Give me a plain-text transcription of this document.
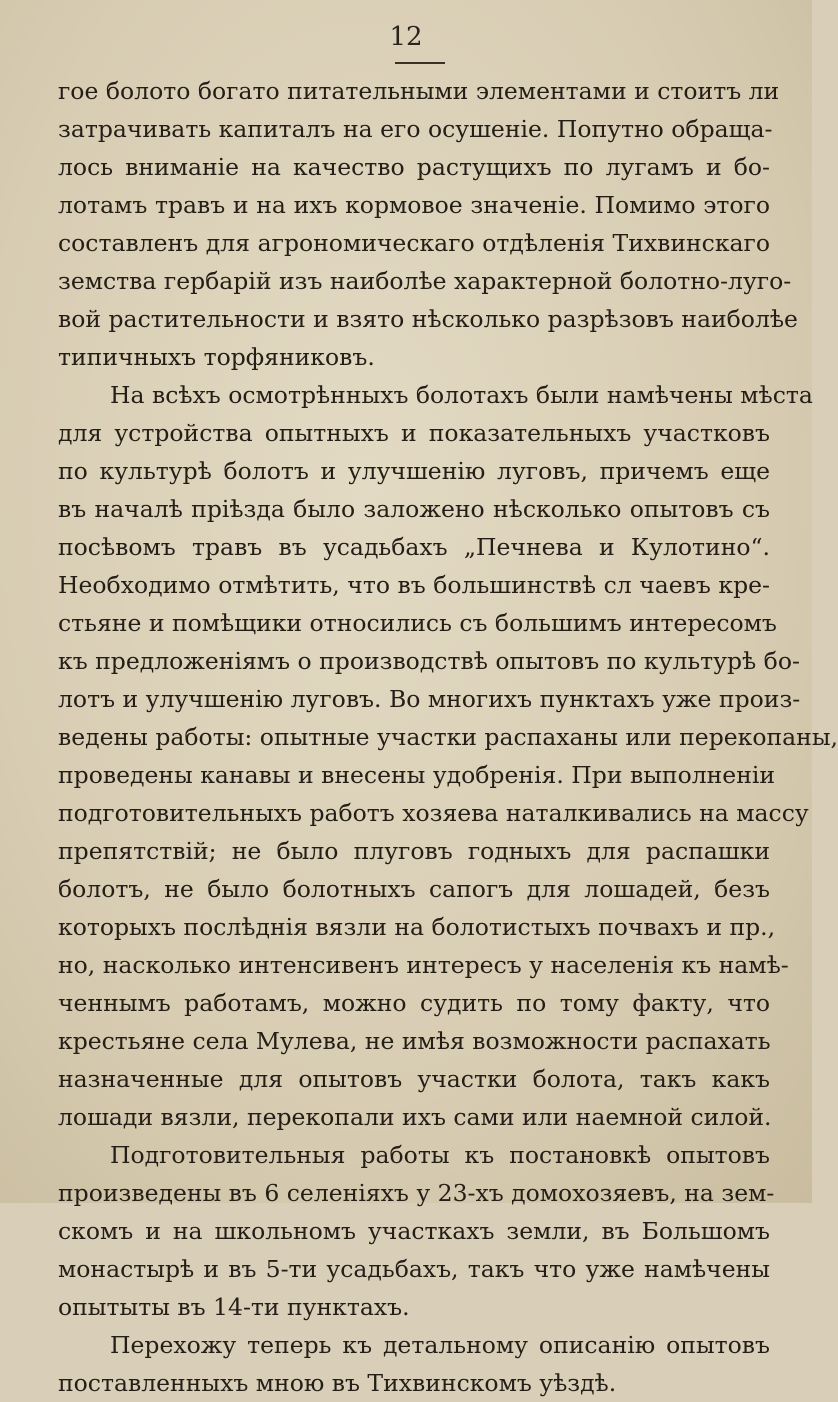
12
гое болото богато питательными элементами и стоитъ ли
затрачивать капиталъ на его осушеніе. Попутно обраща-
лось вниманіе на качество растущихъ по лугамъ и бо-
лотамъ травъ и на ихъ кормовое значеніе. Помимо этого
составленъ для агрономическаго отдѣленія Тихвинскаго
земства гербарій изъ наиболѣе характерной болотно-луго-
вой растительности и взято нѣсколько разрѣзовъ наиболѣе
типичныхъ торфяниковъ.
На всѣхъ осмотрѣнныхъ болотахъ были намѣчены мѣста
для устройства опытныхъ и показательныхъ участковъ
по культурѣ болотъ и улучшенію луговъ, причемъ еще
въ началѣ пріѣзда было заложено нѣсколько опытовъ съ
посѣвомъ травъ въ усадьбахъ „Печнева и Кулотино“.
Необходимо отмѣтить, что въ большинствѣ сл чаевъ кре-
стьяне и помѣщики относились съ большимъ интересомъ
къ предложеніямъ о производствѣ опытовъ по культурѣ бо-
лотъ и улучшенію луговъ. Во многихъ пунктахъ уже произ-
ведены работы: опытные участки распаханы или перекопаны,
проведены канавы и внесены удобренія. При выполненіи
подготовительныхъ работъ хозяева наталкивались на массу
препятствій; не было плуговъ годныхъ для распашки
болотъ, не было болотныхъ сапогъ для лошадей, безъ
которыхъ послѣднія вязли на болотистыхъ почвахъ и пр.,
но, насколько интенсивенъ интересъ у населенія къ намѣ-
ченнымъ работамъ, можно судить по тому факту, что
крестьяне села Мулева, не имѣя возможности распахать
назначенные для опытовъ участки болота, такъ какъ
лошади вязли, перекопали ихъ сами или наемной силой.
Подготовительныя работы къ постановкѣ опытовъ
произведены въ 6 селеніяхъ у 23-хъ домохозяевъ, на зем-
скомъ и на школьномъ участкахъ земли, въ Большомъ
монастырѣ и въ 5-ти усадьбахъ, такъ что уже намѣчены
опытыты въ 14-ти пунктахъ.
Перехожу теперь къ детальному описанію опытовъ
поставленныхъ мною въ Тихвинскомъ уѣздѣ.
